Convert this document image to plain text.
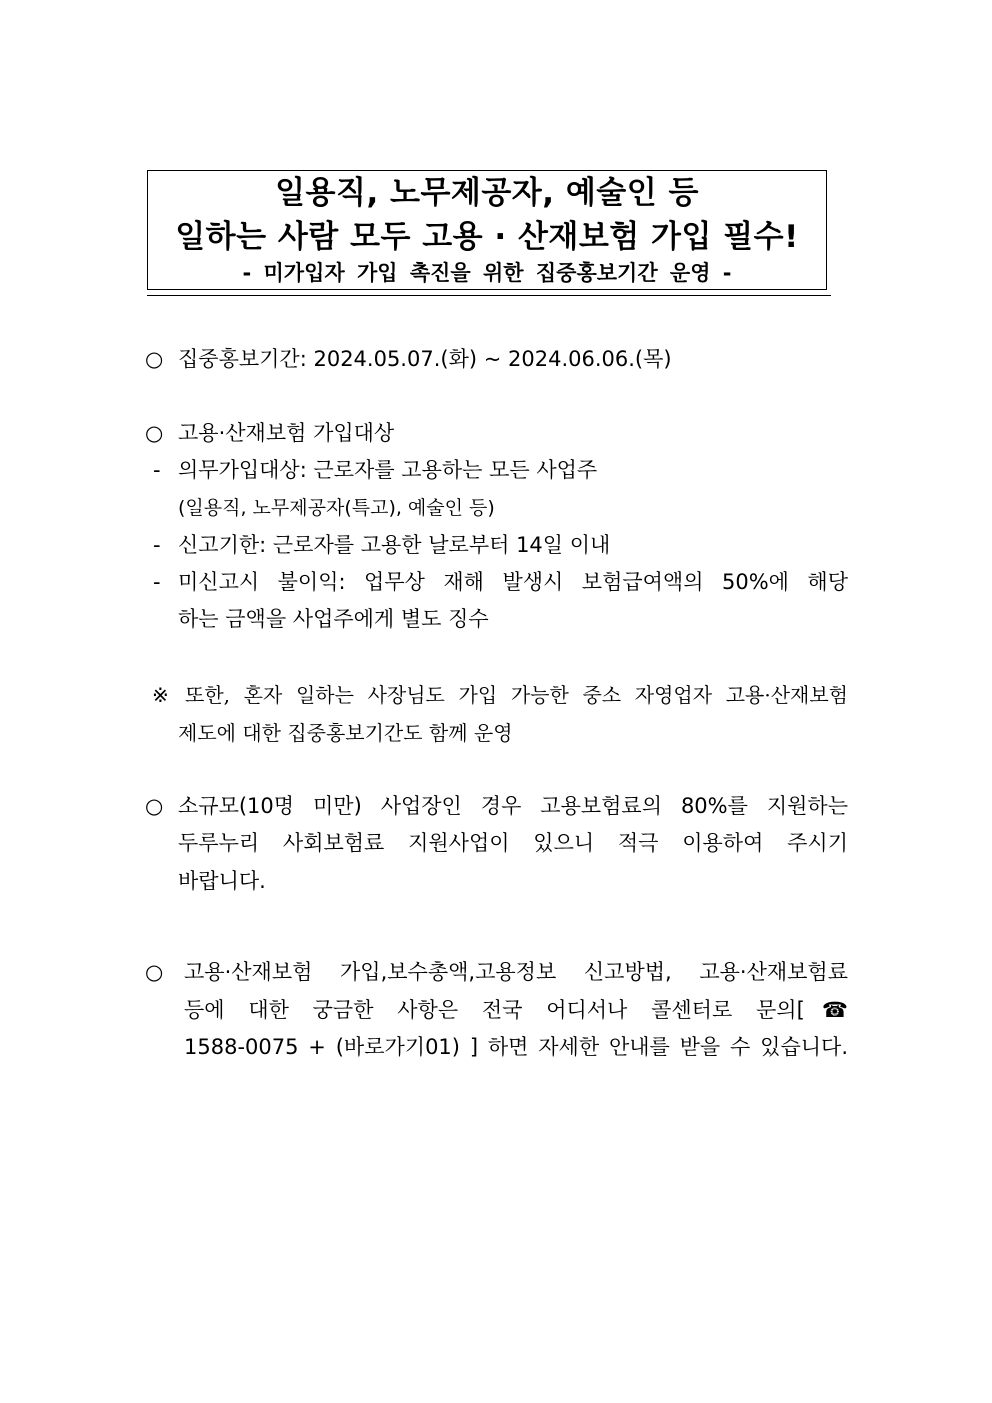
일용직, 노무제공자, 예술인 등
일하는 사람 모두 고용 · 산재보험 가입 필수!
- 미가입자 가입 촉진을 위한 집중홍보기간 운영 -
○ 집중홍보기간: 2024.05.07.(화) ~ 2024.06.06.(목)
○ 고용·산재보험 가입대상
- 의무가입대상: 근로자를 고용하는 모든 사업주
(일용직, 노무제공자(특고), 예술인 등)
- 신고기한: 근로자를 고용한 날로부터 14일 이내
- 미신고시 불이익: 업무상 재해 발생시 보험급여액의 50%에 해당
하는 금액을 사업주에게 별도 징수
※ 또한, 혼자 일하는 사장님도 가입 가능한 중소 자영업자 고용·산재보험
제도에 대한 집중홍보기간도 함께 운영
○ 소규모(10명 미만) 사업장인 경우 고용보험료의 80%를 지원하는
두루누리 사회보험료 지원사업이 있으니 적극 이용하여 주시기
바랍니다.
○ 고용·산재보험 가입,보수총액,고용정보 신고방법, 고용·산재보험료
등에 대한 궁금한 사항은 전국 어디서나 콜센터로 문의[☎
1588-0075 + (바로가기01) ] 하면 자세한 안내를 받을 수 있습니다.
